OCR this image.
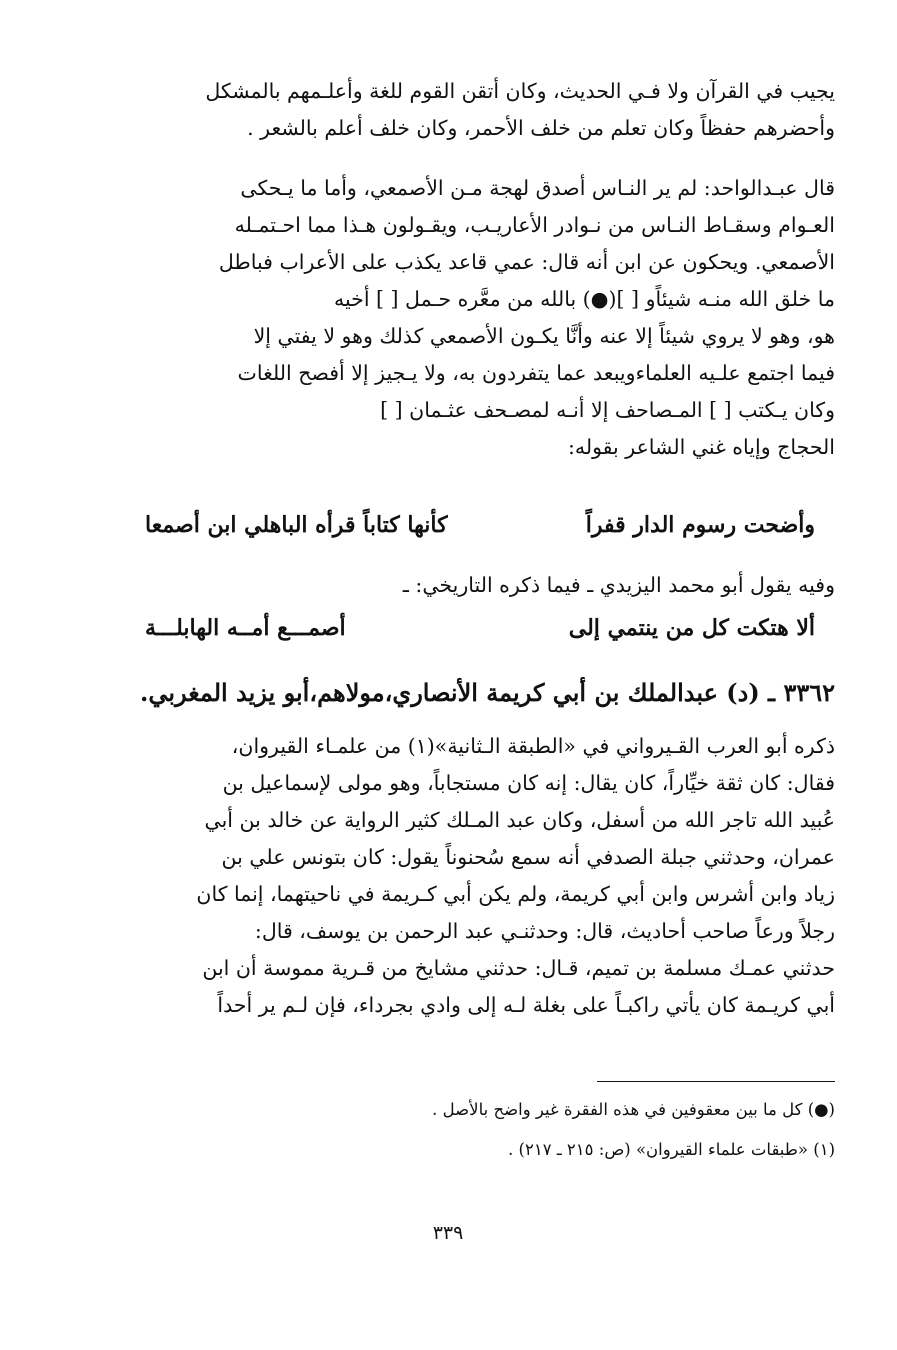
يجيب في القرآن ولا فـي الحديث، وكان أتقن القوم للغة وأعلـمهم بالمشكل
وأحضرهم حفظاً وكان تعلم من خلف الأحمر، وكان خلف أعلم بالشعر .
قال عبـدالواحد: لم ير النـاس أصدق لهجة مـن الأصمعي، وأما ما يـحكى
العـوام وسقـاط النـاس من نـوادر الأعاريـب، ويقـولون هـذا مما احـتمـله
الأصمعي. ويحكون عن ابن أنه قال: عمي قاعد يكذب على الأعراب فباطل
ما خلق الله منـه شيئاًو [ ](●) بالله من معَّره حـمل [ ] أخيه
هو، وهو لا يروي شيئاً إلا عنه وأنَّا يكـون الأصمعي كذلك وهو لا يفتي إلا
فيما اجتمع علـيه العلماءويبعد عما يتفردون به، ولا يـجيز إلا أفصح اللغات
وكان يـكتب [ ] المـصاحف إلا أنـه لمصـحف عثـمان [ ]
الحجاج وإياه غني الشاعر بقوله:
وأضحت رسوم الدار قفراً
كأنها كتاباً قرأه الباهلي ابن أصمعا
وفيه يقول أبو محمد اليزيدي ـ فيما ذكره التاريخي: ـ
ألا هتكت كل من ينتمي إلى
أصمـــع أمــه الهابلـــة
٣٣٦٢ ـ (د) عبدالملك بن أبي كريمة الأنصاري،مولاهم،أبو يزيد المغربي.
ذكره أبو العرب القـيرواني في «الطبقة الـثانية»(١) من علمـاء القيروان،
فقال: كان ثقة خيِّاراً، كان يقال: إنه كان مستجاباً، وهو مولى لإسماعيل بن
عُبيد الله تاجر الله من أسفل، وكان عبد المـلك كثير الرواية عن خالد بن أبي
عمران، وحدثني جبلة الصدفي أنه سمع سُحنوناً يقول: كان بتونس علي بن
زياد وابن أشرس وابن أبي كريمة، ولم يكن أبي كـريمة في ناحيتهما، إنما كان
رجلاً ورعاً صاحب أحاديث، قال: وحدثنـي عبد الرحمن بن يوسف، قال:
حدثني عمـك مسلمة بن تميم، قـال: حدثني مشايخ من قـرية مموسة أن ابن
أبي كريـمة كان يأتي راكبـاً على بغلة لـه إلى وادي بجرداء، فإن لـم ير أحداً
(●) كل ما بين معقوفين في هذه الفقرة غير واضح بالأصل .
(١) «طبقات علماء القيروان» (ص: ٢١٥ ـ ٢١٧) .
٣٣٩
